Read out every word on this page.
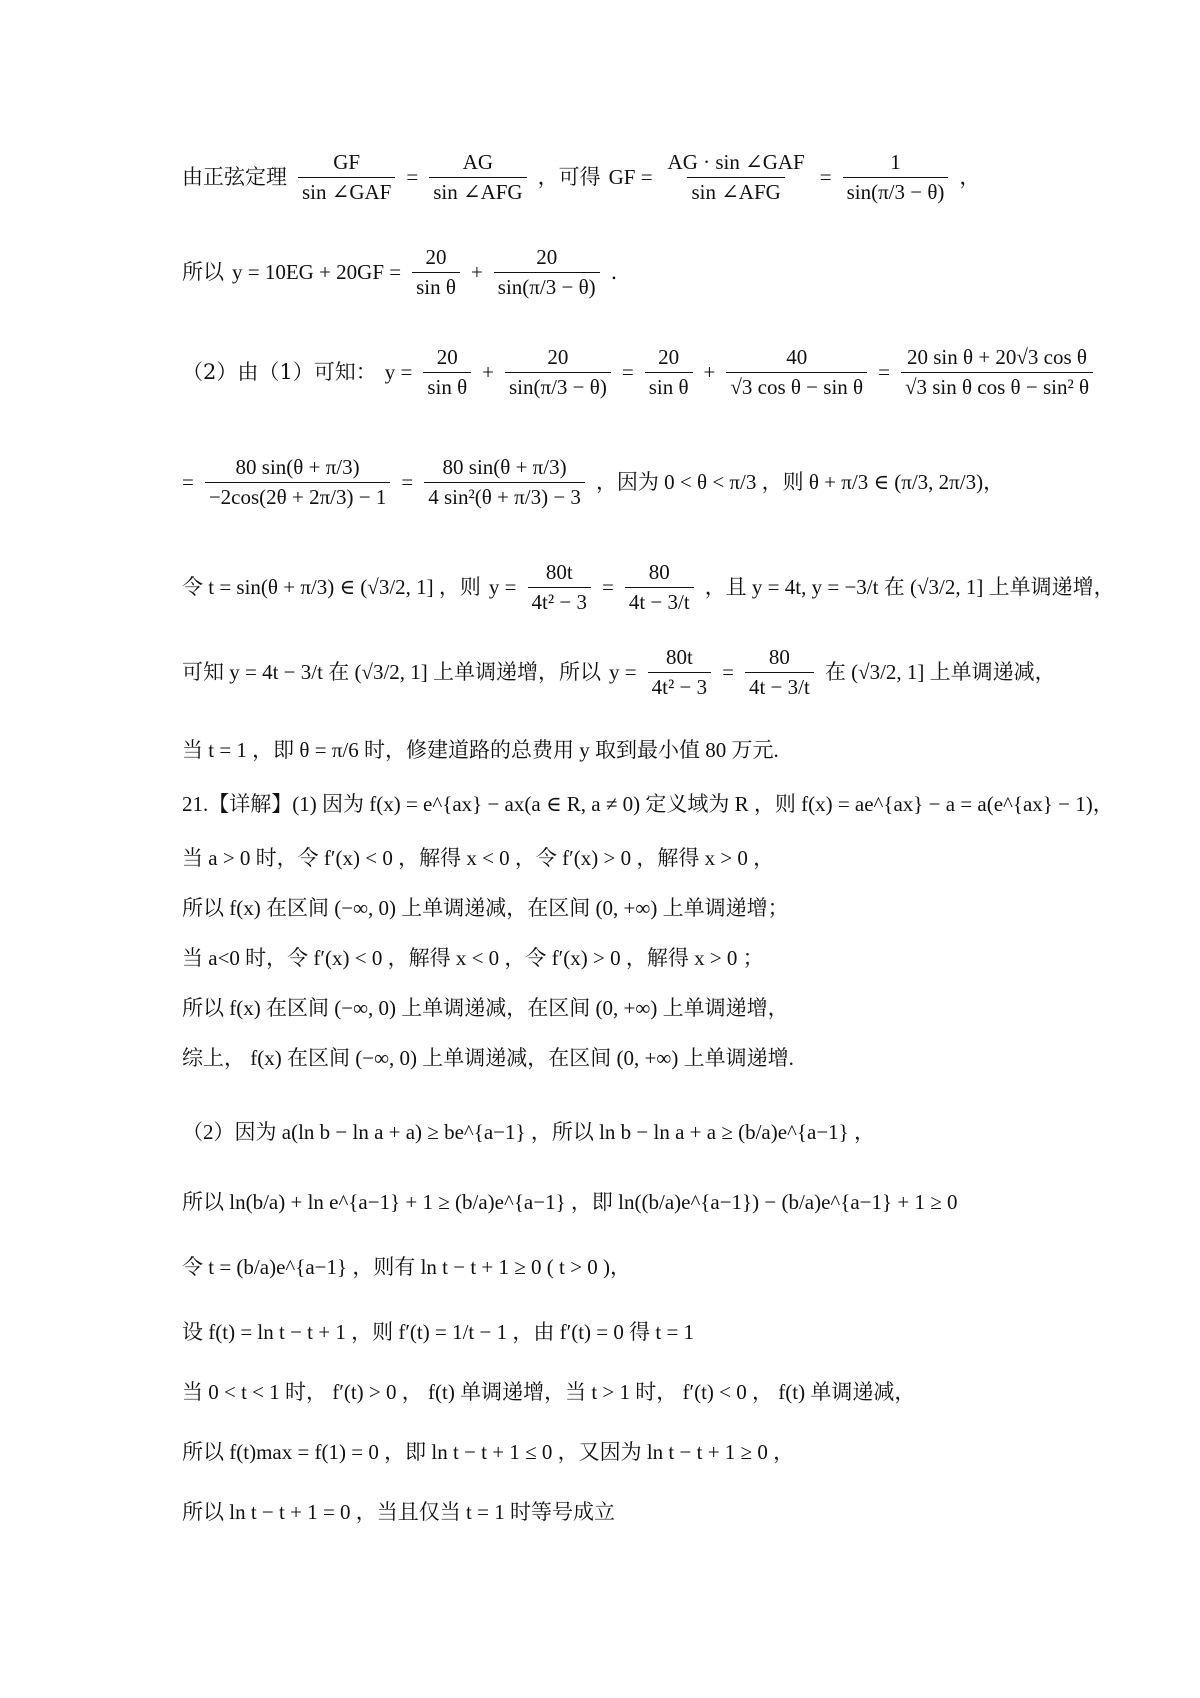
由正弦定理 $\frac{GF}{\text{sin ∠GAF}} = \frac{AG}{\text{sin ∠AFG}}$ ，可得 GF = $\frac{\text{AG · sin ∠GAF}}{\text{sin ∠AFG}} = \frac{1}{\sin(\pi/3 - \theta)}$ ，
所以 $y = 10EG + 20GF = \frac{20}{\text{sin θ}} + \frac{20}{\sin(\pi/3 - \theta)}$ .
（2）由（1）可知： $y = \frac{20}{\text{sin θ}} + \frac{20}{\sin(\pi/3 - \theta)} = \frac{20}{\text{sin θ}} + \frac{40}{\text{√3 cos θ − sin θ}} = \frac{\text{20 sin θ + 20√3 cos θ}}{\text{√3 sin θ cos θ − sin² θ}}$
= $\frac{80 \sin(\theta + \pi/3)}{-2\cos(2\theta + 2\pi/3) - 1} = \frac{80 \sin(\theta + \pi/3)}{\text{4 sin²(θ + π/3) − 3}}$ ，因为 0 < θ < π/3 ，则 θ + π/3 ∈ (π/3, 2π/3)，
令 t = sin(θ + π/3) ∈ (√3/2, 1] ，则 $y = \frac{80t}{\text{4t² − 3}} = \frac{80}{4t - 3/t}$ ，且 y = 4t, y = −3/t 在 (√3/2, 1] 上单调递增，
可知 y = 4t − 3/t 在 (√3/2, 1] 上单调递增，所以 $y = \frac{80t}{\text{4t² − 3}} = \frac{80}{4t - 3/t}$ 在 (√3/2, 1] 上单调递减，
当 t = 1 ，即 θ = π/6 时，修建道路的总费用 y 取到最小值 80 万元.
21.【详解】(1) 因为 f(x) = e^{ax} − ax(a ∈ R, a ≠ 0) 定义域为 R ，则 f(x) = ae^{ax} − a = a(e^{ax} − 1)，
当 a > 0 时，令 f′(x) < 0 ，解得 x < 0 ，令 f′(x) > 0 ，解得 x > 0 ，
所以 f(x) 在区间 (−∞, 0) 上单调递减，在区间 (0, +∞) 上单调递增；
当 a<0 时，令 f′(x) < 0 ，解得 x < 0 ，令 f′(x) > 0 ，解得 x > 0 ；
所以 f(x) 在区间 (−∞, 0) 上单调递减，在区间 (0, +∞) 上单调递增，
综上， f(x) 在区间 (−∞, 0) 上单调递减，在区间 (0, +∞) 上单调递增.
（2）因为 a(ln b − ln a + a) ≥ be^{a−1} ，所以 ln b − ln a + a ≥ (b/a)e^{a−1} ，
所以 ln(b/a) + ln e^{a−1} + 1 ≥ (b/a)e^{a−1} ，即 ln((b/a)e^{a−1}) − (b/a)e^{a−1} + 1 ≥ 0
令 t = (b/a)e^{a−1} ，则有 ln t − t + 1 ≥ 0 ( t > 0 )，
设 f(t) = ln t − t + 1 ，则 f′(t) = 1/t − 1 ，由 f′(t) = 0 得 t = 1
当 0 < t < 1 时， f′(t) > 0 ， f(t) 单调递增，当 t > 1 时， f′(t) < 0 ， f(t) 单调递减，
所以 f(t)max = f(1) = 0 ，即 ln t − t + 1 ≤ 0 ，又因为 ln t − t + 1 ≥ 0 ，
所以 ln t − t + 1 = 0 ，当且仅当 t = 1 时等号成立
